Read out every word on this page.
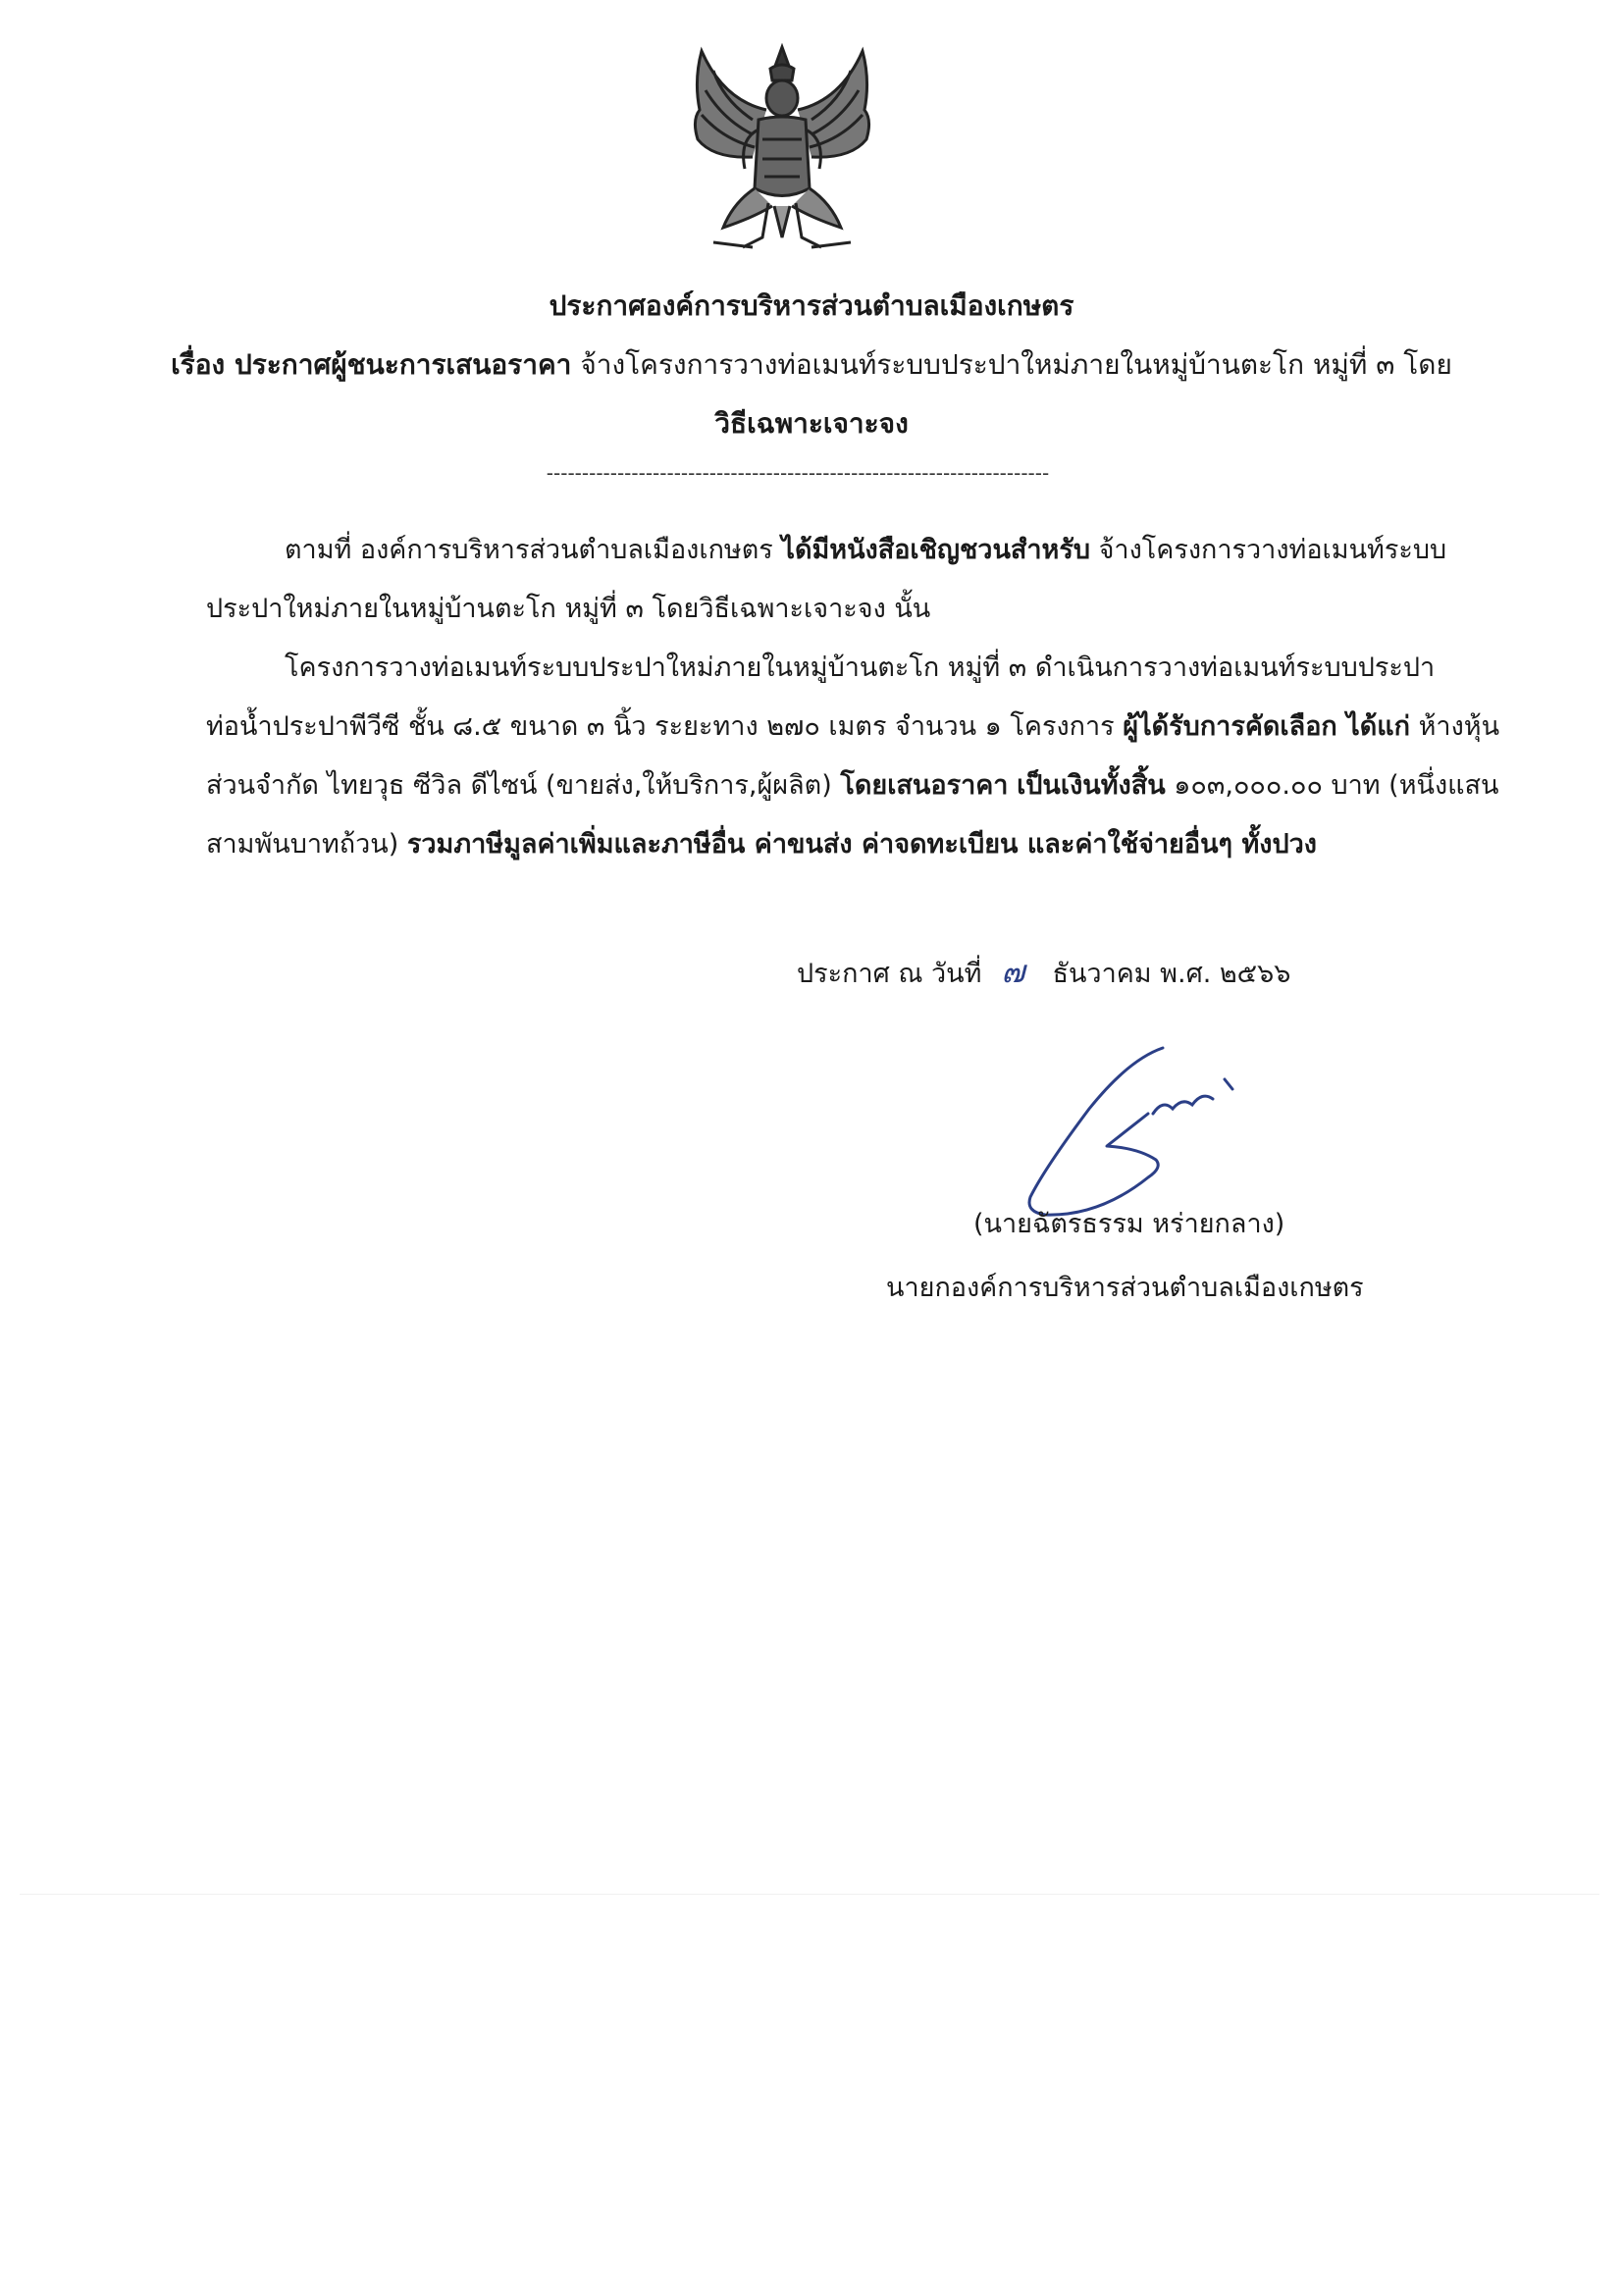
ประกาศองค์การบริหารส่วนตำบลเมืองเกษตร
เรื่อง ประกาศผู้ชนะการเสนอราคา จ้างโครงการวางท่อเมนท์ระบบประปาใหม่ภายในหมู่บ้านตะโก หมู่ที่ ๓ โดย
วิธีเฉพาะเจาะจง
-----------------------------------------------------------------------
ตามที่ องค์การบริหารส่วนตำบลเมืองเกษตร ได้มีหนังสือเชิญชวนสำหรับ จ้างโครงการวางท่อเมนท์ระบบ
ประปาใหม่ภายในหมู่บ้านตะโก หมู่ที่ ๓ โดยวิธีเฉพาะเจาะจง นั้น
โครงการวางท่อเมนท์ระบบประปาใหม่ภายในหมู่บ้านตะโก หมู่ที่ ๓ ดำเนินการวางท่อเมนท์ระบบประปา
ท่อน้ำประปาพีวีซี ชั้น ๘.๕ ขนาด ๓ นิ้ว ระยะทาง ๒๗๐ เมตร จำนวน ๑ โครงการ ผู้ได้รับการคัดเลือก ได้แก่ ห้างหุ้น
ส่วนจำกัด ไทยวุธ ซีวิล ดีไซน์ (ขายส่ง,ให้บริการ,ผู้ผลิต) โดยเสนอราคา เป็นเงินทั้งสิ้น ๑๐๓,๐๐๐.๐๐ บาท (หนึ่งแสน
สามพันบาทถ้วน) รวมภาษีมูลค่าเพิ่มและภาษีอื่น ค่าขนส่ง ค่าจดทะเบียน และค่าใช้จ่ายอื่นๆ ทั้งปวง
ประกาศ ณ วันที่ ๗ ธันวาคม พ.ศ. ๒๕๖๖
(นายฉัตรธรรม หร่ายกลาง)
นายกองค์การบริหารส่วนตำบลเมืองเกษตร
